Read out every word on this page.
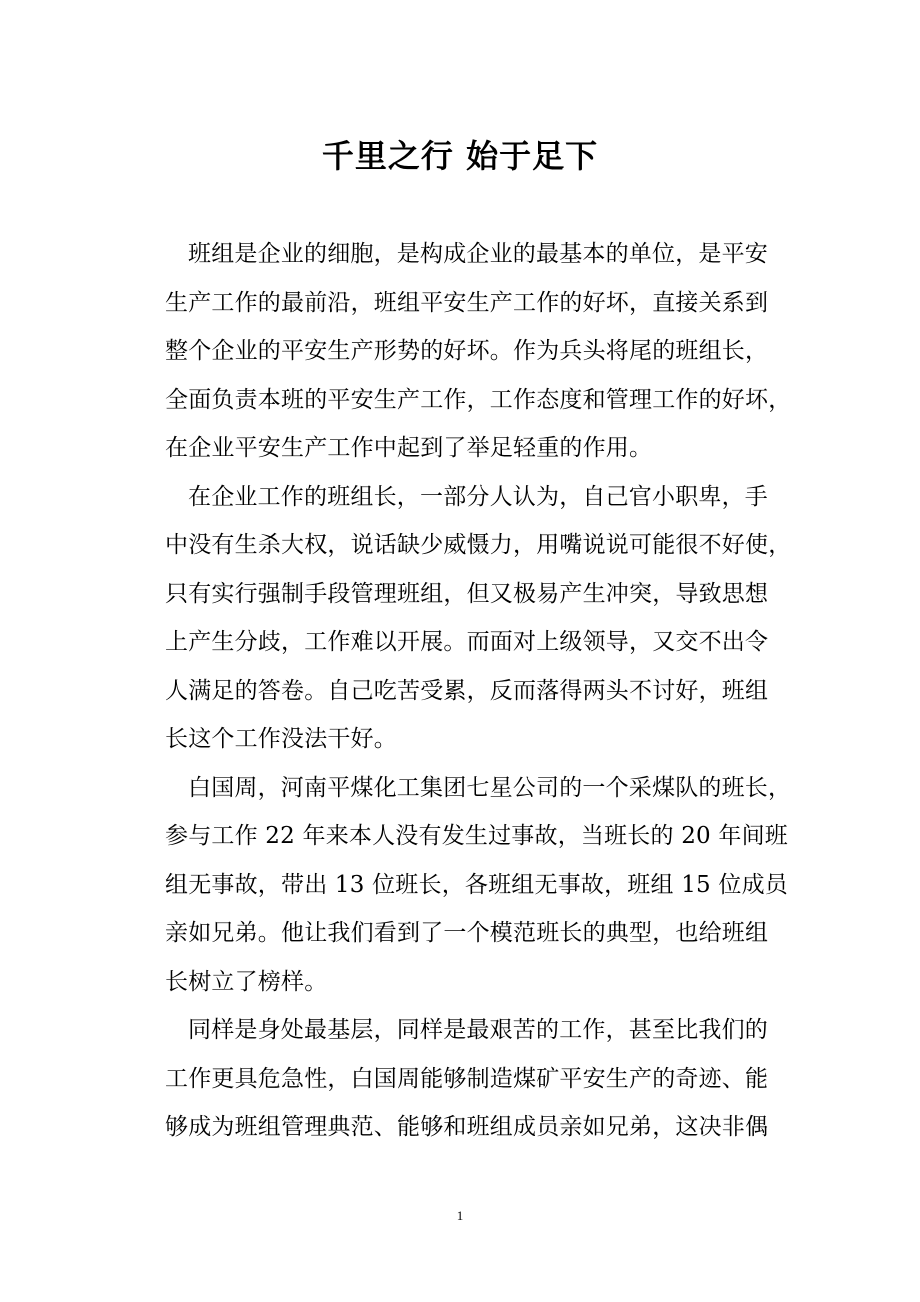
千里之行 始于足下
班组是企业的细胞，是构成企业的最基本的单位，是平安
生产工作的最前沿，班组平安生产工作的好坏，直接关系到
整个企业的平安生产形势的好坏。作为兵头将尾的班组长，
全面负责本班的平安生产工作，工作态度和管理工作的好坏，
在企业平安生产工作中起到了举足轻重的作用。
在企业工作的班组长，一部分人认为，自己官小职卑，手
中没有生杀大权，说话缺少威慑力，用嘴说说可能很不好使，
只有实行强制手段管理班组，但又极易产生冲突，导致思想
上产生分歧，工作难以开展。而面对上级领导，又交不出令
人满足的答卷。自己吃苦受累，反而落得两头不讨好，班组
长这个工作没法干好。
白国周，河南平煤化工集团七星公司的一个采煤队的班长，
参与工作 22 年来本人没有发生过事故，当班长的 20 年间班
组无事故，带出 13 位班长，各班组无事故，班组 15 位成员
亲如兄弟。他让我们看到了一个模范班长的典型，也给班组
长树立了榜样。
同样是身处最基层，同样是最艰苦的工作，甚至比我们的
工作更具危急性，白国周能够制造煤矿平安生产的奇迹、能
够成为班组管理典范、能够和班组成员亲如兄弟，这决非偶
1
